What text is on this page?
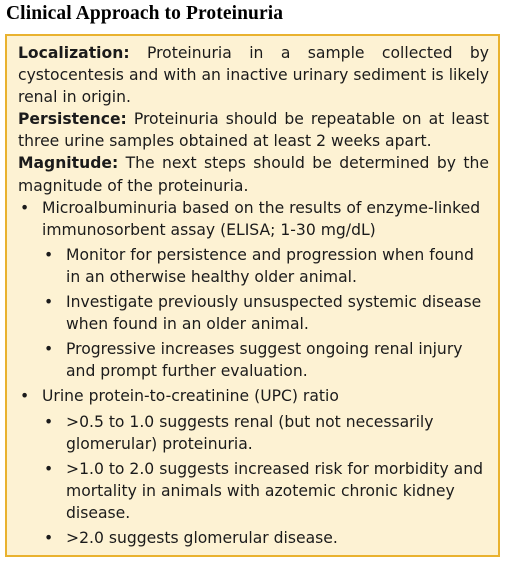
Clinical Approach to Proteinuria

Localization: Proteinuria in a sample collected by cystocentesis and with an inactive urinary sediment is likely renal in origin.

Persistence: Proteinuria should be repeatable on at least three urine samples obtained at least 2 weeks apart.

Magnitude: The next steps should be determined by the magnitude of the proteinuria.

• Microalbuminuria based on the results of enzyme-linked immunosorbent assay (ELISA; 1-30 mg/dL)
• Monitor for persistence and progression when found in an otherwise healthy older animal.
• Investigate previously unsuspected systemic disease when found in an older animal.
• Progressive increases suggest ongoing renal injury and prompt further evaluation.
• Urine protein-to-creatinine (UPC) ratio
• >0.5 to 1.0 suggests renal (but not necessarily glomerular) proteinuria.
• >1.0 to 2.0 suggests increased risk for morbidity and mortality in animals with azotemic chronic kidney disease.
• >2.0 suggests glomerular disease.
